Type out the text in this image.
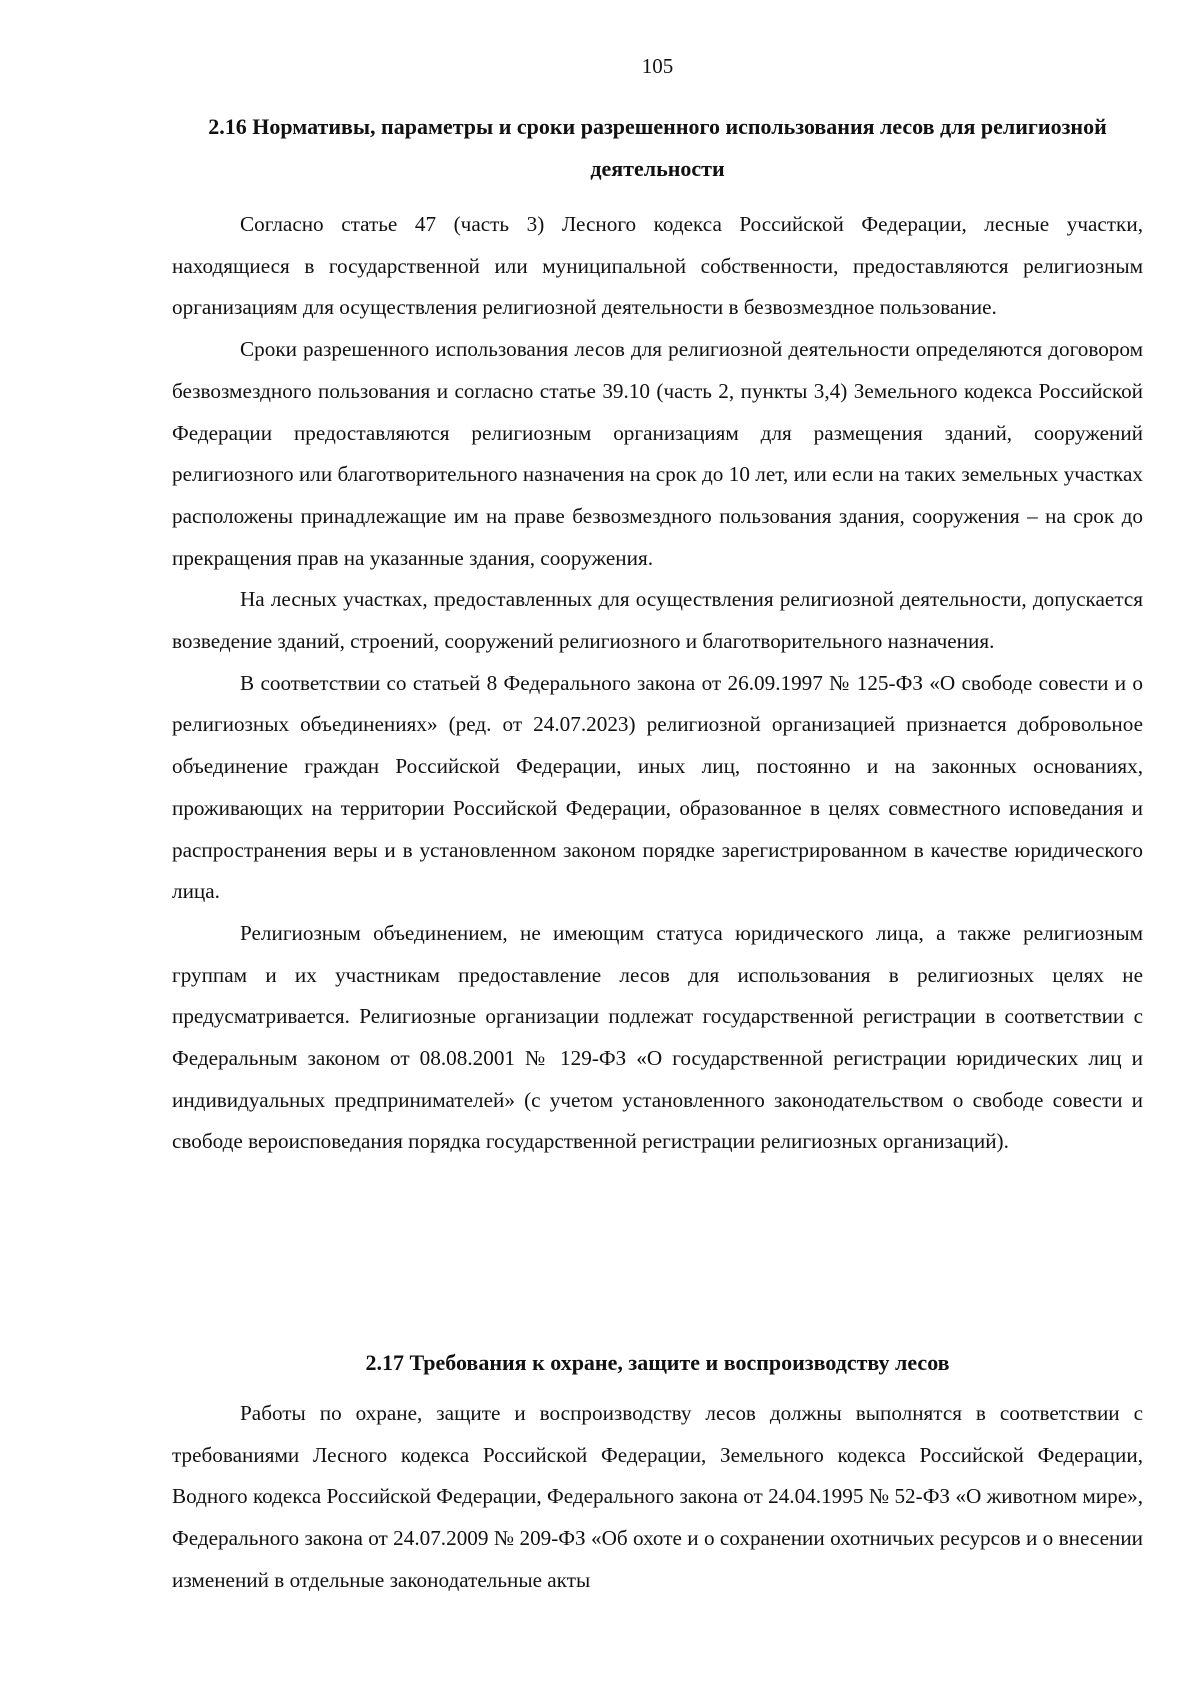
105
2.16 Нормативы, параметры и сроки разрешенного использования лесов для религиозной деятельности

Согласно статье 47 (часть 3) Лесного кодекса Российской Федерации, лесные участки, находящиеся в государственной или муниципальной собственности, предоставляются религиозным организациям для осуществления религиозной деятельности в безвозмездное пользование.

Сроки разрешенного использования лесов для религиозной деятельности определяются договором безвозмездного пользования и согласно статье 39.10 (часть 2, пункты 3,4) Земельного кодекса Российской Федерации предоставляются религиозным организациям для размещения зданий, сооружений религиозного или благотворительного назначения на срок до 10 лет, или если на таких земельных участках расположены принадлежащие им на праве безвозмездного пользования здания, сооружения – на срок до прекращения прав на указанные здания, сооружения.

На лесных участках, предоставленных для осуществления религиозной деятельности, допускается возведение зданий, строений, сооружений религиозного и благотворительного назначения.

В соответствии со статьей 8 Федерального закона от 26.09.1997 № 125-ФЗ «О свободе совести и о религиозных объединениях» (ред. от 24.07.2023) религиозной организацией признается добровольное объединение граждан Российской Федерации, иных лиц, постоянно и на законных основаниях, проживающих на территории Российской Федерации, образованное в целях совместного исповедания и распространения веры и в установленном законом порядке зарегистрированном в качестве юридического лица.

Религиозным объединением, не имеющим статуса юридического лица, а также религиозным группам и их участникам предоставление лесов для использования в религиозных целях не предусматривается. Религиозные организации подлежат государственной регистрации в соответствии с Федеральным законом от 08.08.2001 № 129-ФЗ «О государственной регистрации юридических лиц и индивидуальных предпринимателей» (с учетом установленного законодательством о свободе совести и свободе вероисповедания порядка государственной регистрации религиозных организаций).

2.17 Требования к охране, защите и воспроизводству лесов

Работы по охране, защите и воспроизводству лесов должны выполнятся в соответствии с требованиями Лесного кодекса Российской Федерации, Земельного кодекса Российской Федерации, Водного кодекса Российской Федерации, Федерального закона от 24.04.1995 № 52-ФЗ «О животном мире», Федерального закона от 24.07.2009 № 209-ФЗ «Об охоте и о сохранении охотничьих ресурсов и о внесении изменений в отдельные законодательные акты
